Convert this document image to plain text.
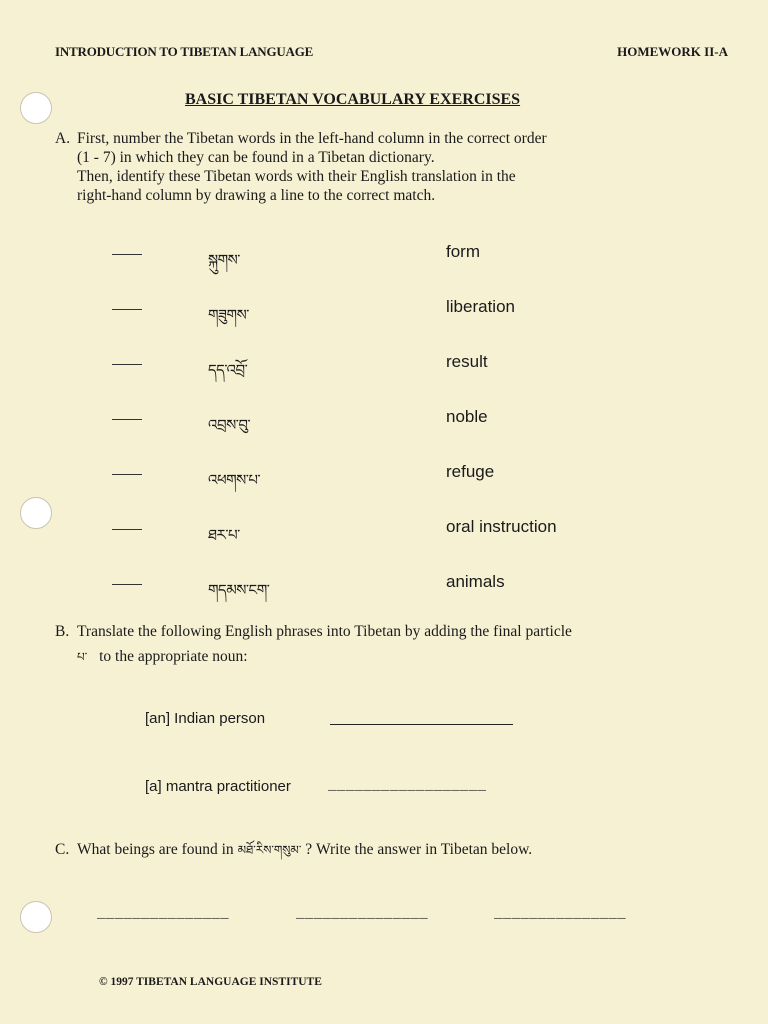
INTRODUCTION TO TIBETAN LANGUAGE	HOMEWORK II-A
BASIC TIBETAN VOCABULARY EXERCISES
A. First, number the Tibetan words in the left-hand column in the correct order
(1 - 7) in which they can be found in a Tibetan dictionary.
Then, identify these Tibetan words with their English translation in the
right-hand column by drawing a line to the correct match.
སྐུགས་	form
གཟུགས་	liberation
དད་འབྲོ་	result
འབྲས་བུ་	noble
འཕགས་པ་	refuge
ཐར་པ་	oral instruction
གདམས་ངག་	animals
B. Translate the following English phrases into Tibetan by adding the final particle
པ་ to the appropriate noun:
[an] Indian person
[a] mantra practitioner	__________________
C. What beings are found in མཐོ་རིས་གསུམ་ ? Write the answer in Tibetan below.
_______________	_______________	_______________
© 1997 TIBETAN LANGUAGE INSTITUTE
